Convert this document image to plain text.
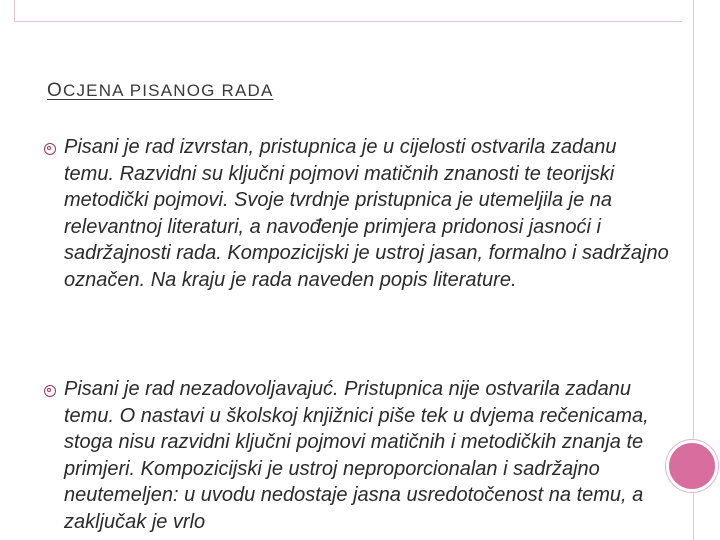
OCJENA PISANOG RADA

Pisani je rad izvrstan, pristupnica je u cijelosti ostvarila zadanu temu. Razvidni su ključni pojmovi matičnih znanosti te teorijski metodički pojmovi. Svoje tvrdnje pristupnica je utemeljila je na relevantnoj literaturi, a navođenje primjera pridonosi jasnoći i sadržajnosti rada. Kompozicijski je ustroj jasan, formalno i sadržajno označen. Na kraju je rada naveden popis literature.

Pisani je rad nezadovoljavajuć. Pristupnica nije ostvarila zadanu temu. O nastavi u školskoj knjižnici piše tek u dvjema rečenicama, stoga nisu razvidni ključni pojmovi matičnih i metodičkih znanja te primjeri. Kompozicijski je ustroj neproporcionalan i sadržajno neutemeljen: u uvodu nedostaje jasna usredotočenost na temu, a zaključak je vrlo
